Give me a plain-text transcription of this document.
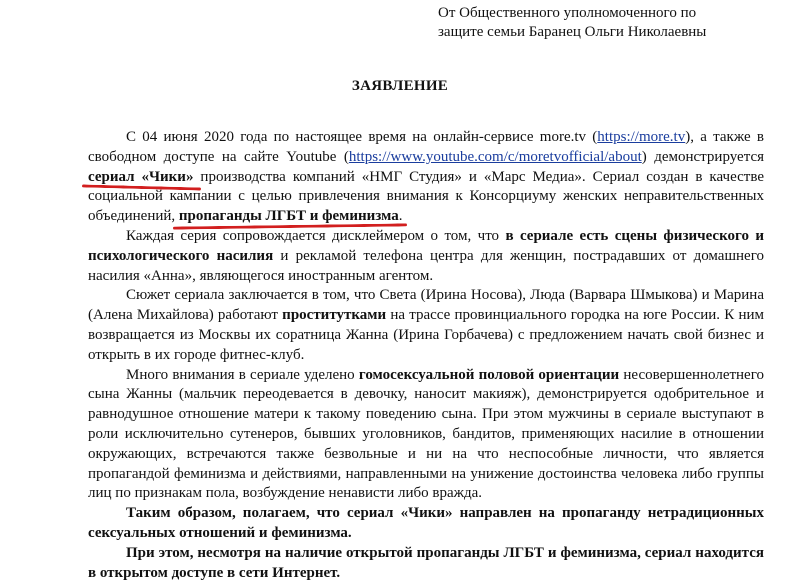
От Общественного уполномоченного по
защите семьи Баранец Ольги Николаевны
ЗАЯВЛЕНИЕ

С 04 июня 2020 года по настоящее время на онлайн-сервисе more.tv (https://more.tv), а также в свободном доступе на сайте Youtube (https://www.youtube.com/c/moretvofficial/about) демонстрируется сериал «Чики» производства компаний «НМГ Студия» и «Марс Медиа». Сериал создан в качестве социальной кампании с целью привлечения внимания к Консорциуму женских неправительственных объединений, пропаганды ЛГБТ и феминизма.

Каждая серия сопровождается дисклеймером о том, что в сериале есть сцены физического и психологического насилия и рекламой телефона центра для женщин, пострадавших от домашнего насилия «Анна», являющегося иностранным агентом.

Сюжет сериала заключается в том, что Света (Ирина Носова), Люда (Варвара Шмыкова) и Марина (Алена Михайлова) работают проститутками на трассе провинциального городка на юге России. К ним возвращается из Москвы их соратница Жанна (Ирина Горбачева) с предложением начать свой бизнес и открыть в их городе фитнес-клуб.

Много внимания в сериале уделено гомосексуальной половой ориентации несовершеннолетнего сына Жанны (мальчик переодевается в девочку, наносит макияж), демонстрируется одобрительное и равнодушное отношение матери к такому поведению сына. При этом мужчины в сериале выступают в роли исключительно сутенеров, бывших уголовников, бандитов, применяющих насилие в отношении окружающих, встречаются также безвольные и ни на что неспособные личности, что является пропагандой феминизма и действиями, направленными на унижение достоинства человека либо группы лиц по признакам пола, возбуждение ненависти либо вражда.

Таким образом, полагаем, что сериал «Чики» направлен на пропаганду нетрадиционных сексуальных отношений и феминизма.

При этом, несмотря на наличие открытой пропаганды ЛГБТ и феминизма, сериал находится в открытом доступе в сети Интернет.
